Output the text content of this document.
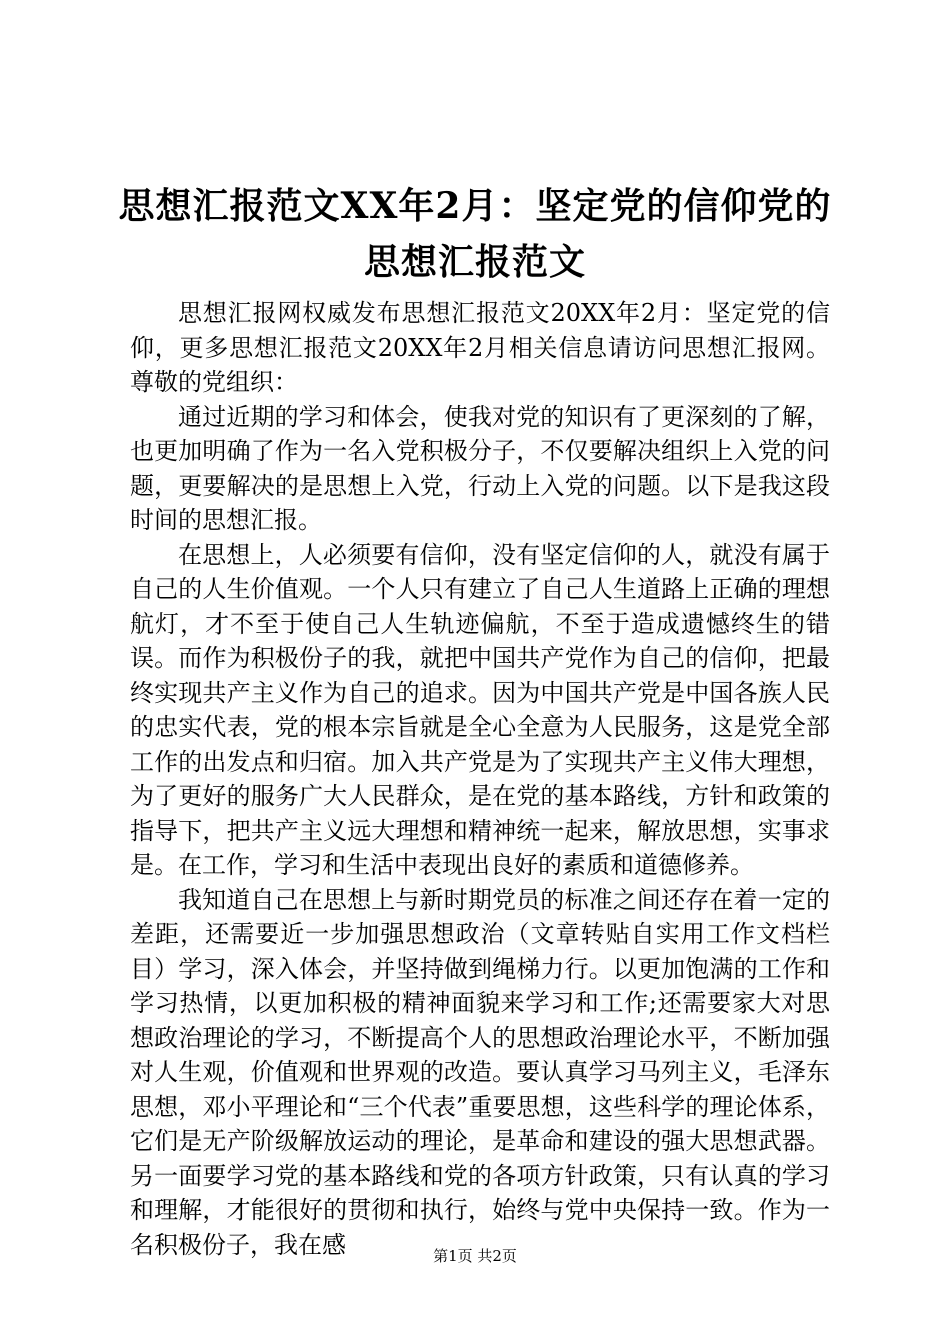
思想汇报范文XX年2月：坚定党的信仰党的
思想汇报范文

思想汇报网权威发布思想汇报范文20XX年2月：坚定党的信仰，更多思想汇报范文20XX年2月相关信息请访问思想汇报网。尊敬的党组织：

通过近期的学习和体会，使我对党的知识有了更深刻的了解，也更加明确了作为一名入党积极分子，不仅要解决组织上入党的问题，更要解决的是思想上入党，行动上入党的问题。以下是我这段时间的思想汇报。

在思想上，人必须要有信仰，没有坚定信仰的人，就没有属于自己的人生价值观。一个人只有建立了自己人生道路上正确的理想航灯，才不至于使自己人生轨迹偏航，不至于造成遗憾终生的错误。而作为积极份子的我，就把中国共产党作为自己的信仰，把最终实现共产主义作为自己的追求。因为中国共产党是中国各族人民的忠实代表，党的根本宗旨就是全心全意为人民服务，这是党全部工作的出发点和归宿。加入共产党是为了实现共产主义伟大理想，为了更好的服务广大人民群众，是在党的基本路线，方针和政策的指导下，把共产主义远大理想和精神统一起来，解放思想，实事求是。在工作，学习和生活中表现出良好的素质和道德修养。

我知道自己在思想上与新时期党员的标准之间还存在着一定的差距，还需要近一步加强思想政治（文章转贴自实用工作文档栏目）学习，深入体会，并坚持做到绳梯力行。以更加饱满的工作和学习热情，以更加积极的精神面貌来学习和工作;还需要家大对思想政治理论的学习，不断提高个人的思想政治理论水平，不断加强对人生观，价值观和世界观的改造。要认真学习马列主义，毛泽东思想，邓小平理论和“三个代表”重要思想，这些科学的理论体系，它们是无产阶级解放运动的理论，是革命和建设的强大思想武器。另一面要学习党的基本路线和党的各项方针政策，只有认真的学习和理解，才能很好的贯彻和执行，始终与党中央保持一致。作为一名积极份子，我在感	第1页 共2页
